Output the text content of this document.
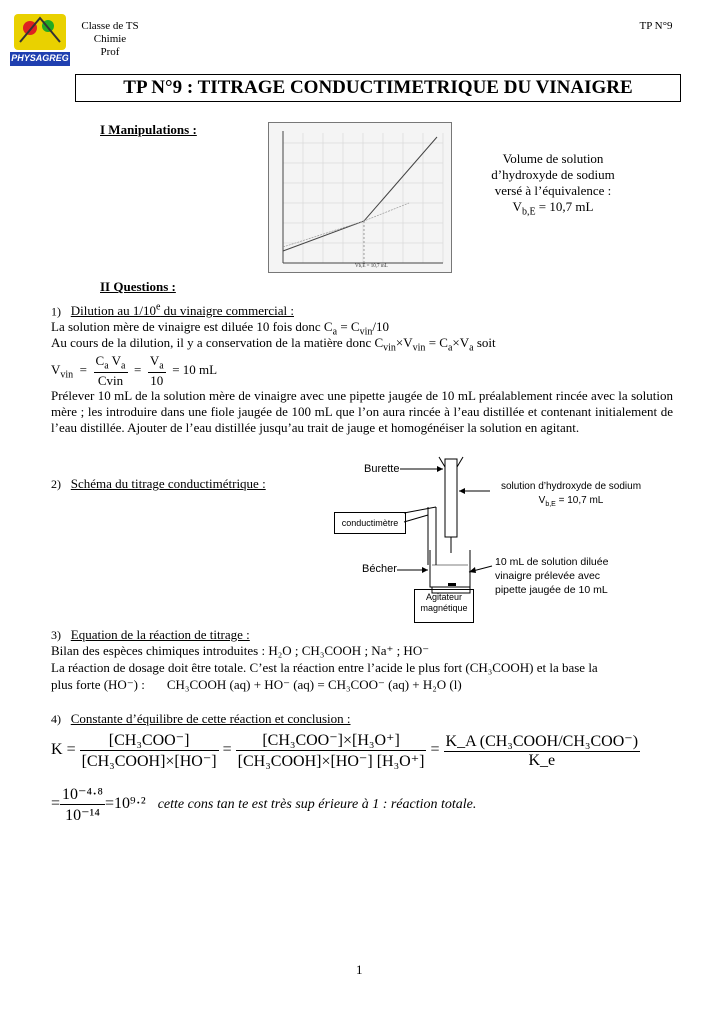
PHYSAGREG
Classe de TS
Chimie
Prof
TP N°9
TP N°9 : TITRAGE CONDUCTIMETRIQUE DU VINAIGRE
I Manipulations :
Vb,E = 10,7 mL
Volume de solution
d’hydroxyde de sodium
versé à l’équivalence :
$V_{b,E} = 10,7$ mL
II Questions :
1) Dilution au 1/10e du vinaigre commercial :
La solution mère de vinaigre est diluée 10 fois donc $C_a = C_{vin}/10$
Au cours de la dilution, il y a conservation de la matière donc $C_{vin}\times V_{vin} = C_a\times V_a$ soit
$V_{vin}$  =
$C_a$ $V_a$
Cvin
= $\frac{V_a}{10} = 10$ mL
Prélever 10 mL de la solution mère de vinaigre avec une pipette jaugée de 10 mL préalablement rincée avec la solution mère ; les introduire dans une fiole jaugée de 100 mL que l’on aura rincée à l’eau distillée et contenant initialement de l’eau distillée. Ajouter de l’eau distillée jusqu’au trait de jauge et homogénéiser la solution en agitant.
2) Schéma du titrage conductimétrique :
Burette
solution d’hydroxyde de sodium
$V_{b,E} = 10,7$ mL
conductimètre
Bécher
10 mL de solution diluée
vinaigre prélevée avec
pipette jaugée de 10 mL
Agitateur
magnétique
3) Equation de la réaction de titrage :
Bilan des espèces chimiques introduites : H₂O ; CH₃COOH ; Na⁺ ; HO⁻
La réaction de dosage doit être totale. C’est la réaction entre l’acide le plus fort (CH₃COOH) et la base la
plus forte (HO⁻) : CH₃COOH (aq) + HO⁻ (aq) = CH₃COO⁻ (aq) + H₂O (l)
4) Constante d’équilibre de cette réaction et conclusion :
K =
[CH₃COO⁻]
[CH₃COOH]×[HO⁻]
=
[CH₃COO⁻]×[H₃O⁺]
[CH₃COOH]×[HO⁻] [H₃O⁺]
= K_A (CH₃COOH/CH₃COO⁻)
K_e
= $\frac{\text{10⁻⁴·⁸}}{\text{10⁻¹⁴}} =10^9\cdot^2$ cette cons tan te est très sup érieure à 1 : réaction totale.
1
